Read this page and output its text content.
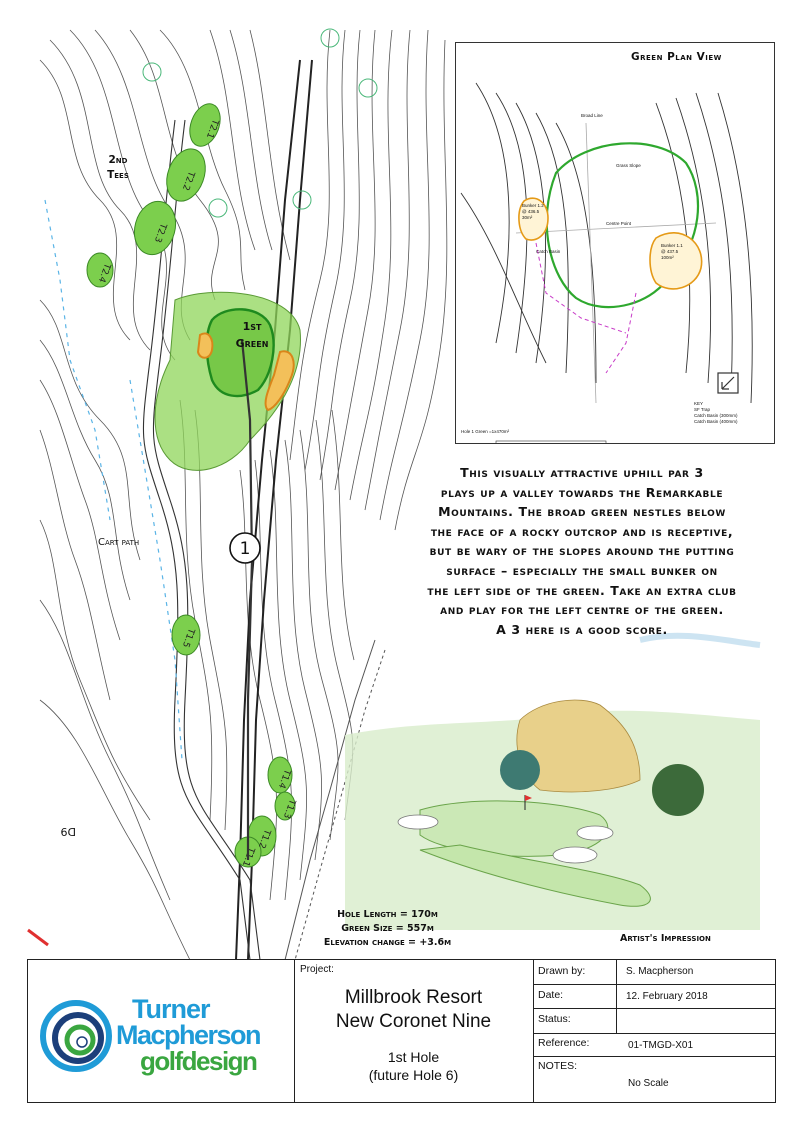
T2.1
T2.2
T2.3
T2.4
T1.5
T1.4
T1.3
T1.2
T1.1
1
2nd
Tees
1st
Green
Cart path
D9
Green Plan View
Bunker 1.2
@ 436.5
30m²
Bunker 1.1
@ 437.5
100m²
Broad Line
Grass Slope
Centre Point
Catch Basin
KEY
SF Trap
Catch Basin (300mm)
Catch Basin (400mm)
Hole 1 Green =1x470m²
This visually attractive uphill par 3
plays up a valley towards the Remarkable
Mountains. The broad green nestles below
the face of a rocky outcrop and is receptive,
but be wary of the slopes around the putting
surface – especially the small bunker on
the left side of the green. Take an extra club
and play for the left centre of the green.
A 3 here is a good score.
Hole Length = 170m
Green Size = 557m
Elevation change = +3.6m	Artist's Impression
Turner
Macpherson
golfdesign
Project:
Millbrook Resort
New Coronet Nine
1st Hole
(future Hole 6)
Drawn by:	S. Macpherson
Date:	12. February 2018
Status:
Reference:	01-TMGD-X01
NOTES:
No Scale
